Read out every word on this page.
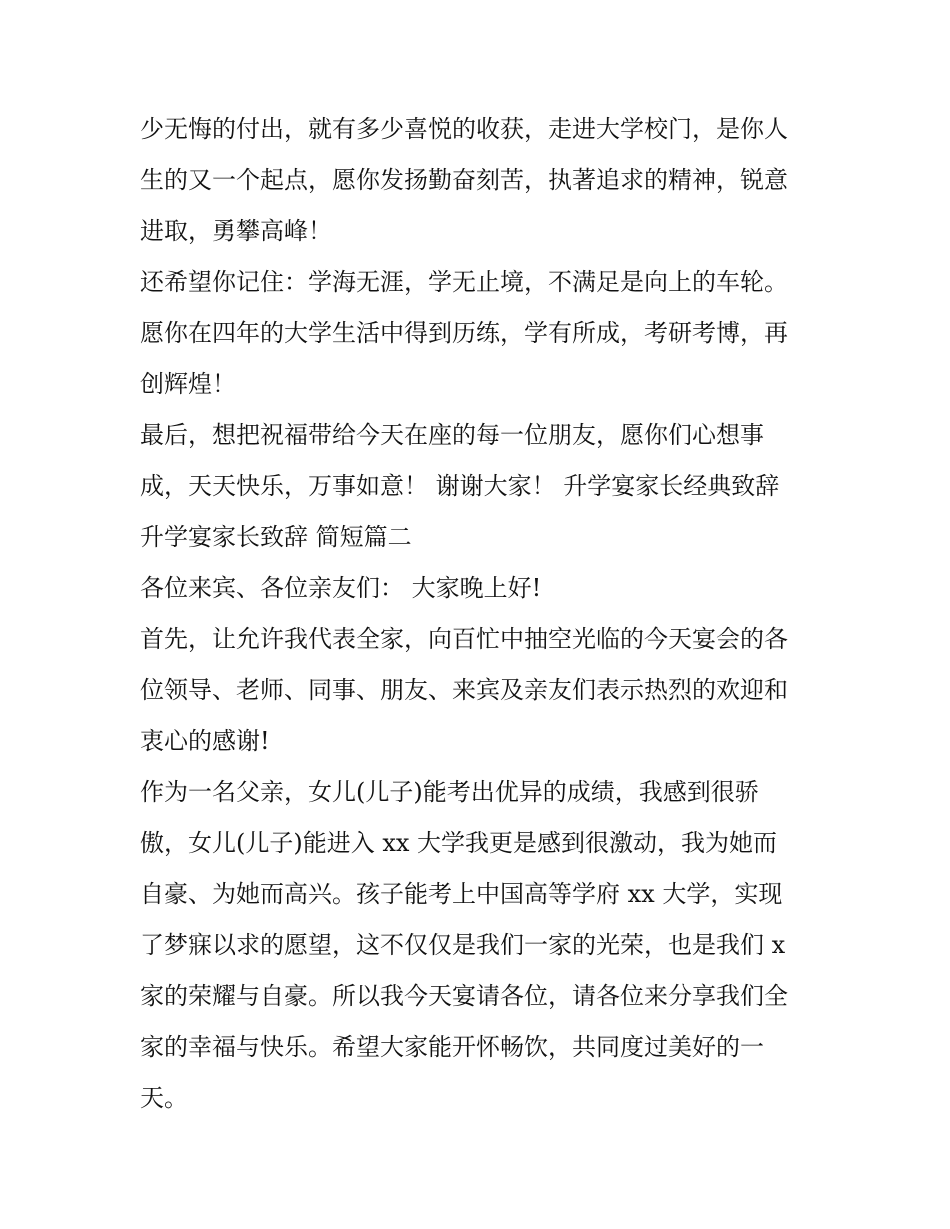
少无悔的付出，就有多少喜悦的收获，走进大学校门，是你人
生的又一个起点，愿你发扬勤奋刻苦，执著追求的精神，锐意
进取，勇攀高峰！
还希望你记住：学海无涯，学无止境，不满足是向上的车轮。
愿你在四年的大学生活中得到历练，学有所成，考研考博，再
创辉煌！
最后，想把祝福带给今天在座的每一位朋友，愿你们心想事
成，天天快乐，万事如意！ 谢谢大家！ 升学宴家长经典致辞
升学宴家长致辞 简短篇二
各位来宾、各位亲友们： 大家晚上好!
首先，让允许我代表全家，向百忙中抽空光临的今天宴会的各
位领导、老师、同事、朋友、来宾及亲友们表示热烈的欢迎和
衷心的感谢!
作为一名父亲，女儿(儿子)能考出优异的成绩，我感到很骄
傲，女儿(儿子)能进入 xx 大学我更是感到很激动，我为她而
自豪、为她而高兴。孩子能考上中国高等学府 xx 大学，实现
了梦寐以求的愿望，这不仅仅是我们一家的光荣，也是我们 x
家的荣耀与自豪。所以我今天宴请各位，请各位来分享我们全
家的幸福与快乐。希望大家能开怀畅饮，共同度过美好的一
天。
